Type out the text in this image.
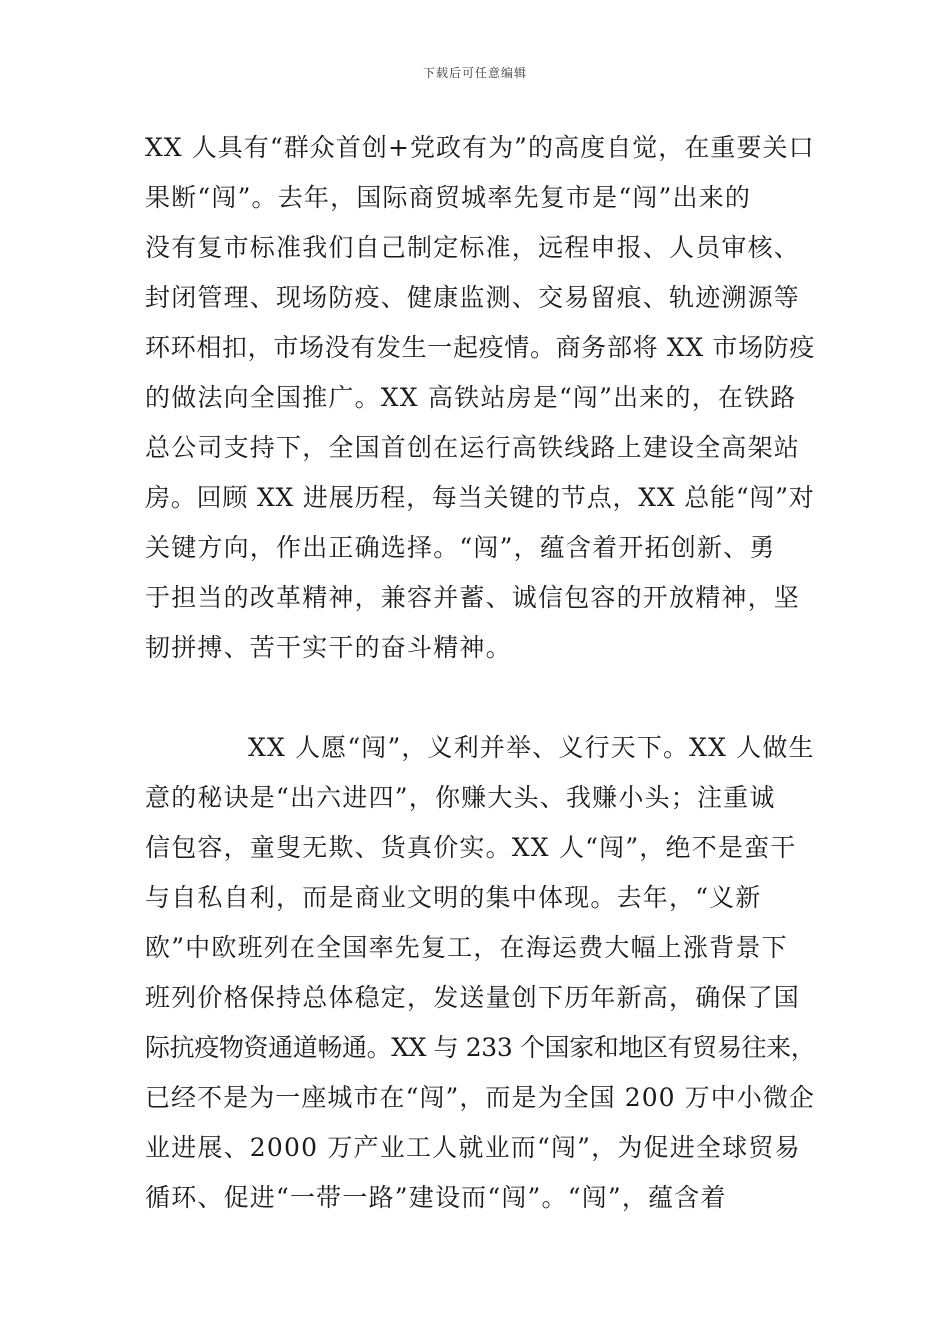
下载后可任意编辑
XX 人具有“群众首创+党政有为”的高度自觉，在重要关口
果断“闯”。去年，国际商贸城率先复市是“闯”出来的
没有复市标准我们自己制定标准，远程申报、人员审核、
封闭管理、现场防疫、健康监测、交易留痕、轨迹溯源等
环环相扣，市场没有发生一起疫情。商务部将 XX 市场防疫
的做法向全国推广。XX 高铁站房是“闯”出来的，在铁路
总公司支持下，全国首创在运行高铁线路上建设全高架站
房。回顾 XX 进展历程，每当关键的节点，XX 总能“闯”对
关键方向，作出正确选择。“闯”，蕴含着开拓创新、勇
于担当的改革精神，兼容并蓄、诚信包容的开放精神，坚
韧拼搏、苦干实干的奋斗精神。
XX 人愿“闯”，义利并举、义行天下。XX 人做生
意的秘诀是“出六进四”，你赚大头、我赚小头；注重诚
信包容，童叟无欺、货真价实。XX 人“闯”，绝不是蛮干
与自私自利，而是商业文明的集中体现。去年，“义新
欧”中欧班列在全国率先复工，在海运费大幅上涨背景下
班列价格保持总体稳定，发送量创下历年新高，确保了国
际抗疫物资通道畅通。XX 与 233 个国家和地区有贸易往来，
已经不是为一座城市在“闯”，而是为全国 200 万中小微企
业进展、2000 万产业工人就业而“闯”，为促进全球贸易
循环、促进“一带一路”建设而“闯”。“闯”，蕴含着
